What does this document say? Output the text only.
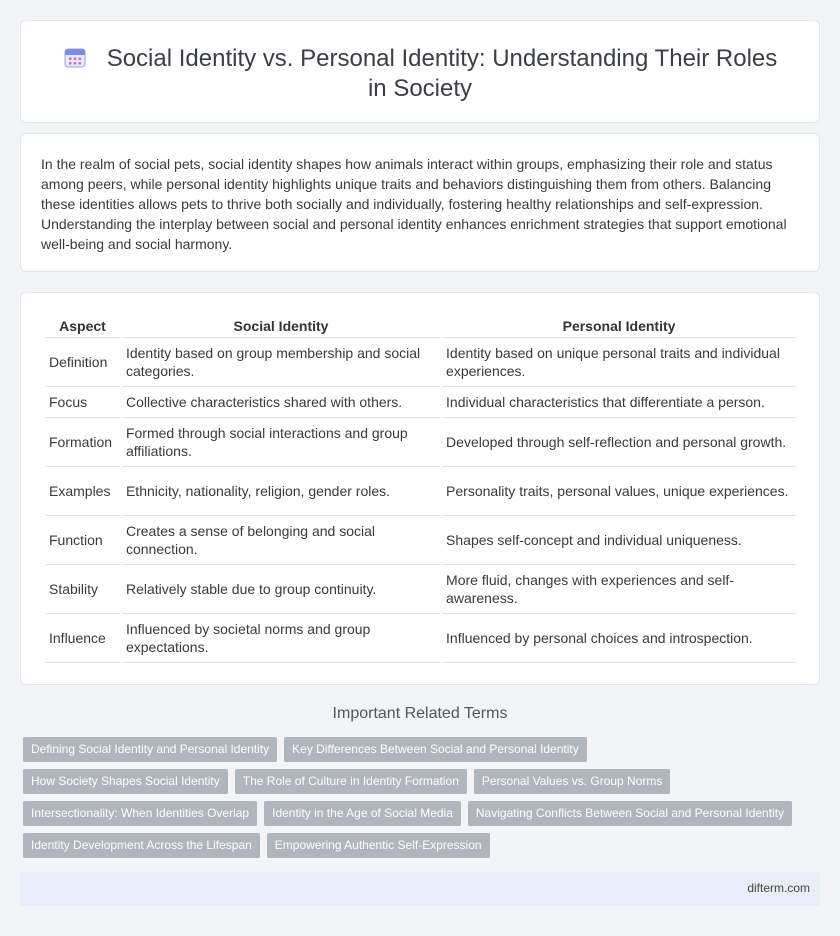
Social Identity vs. Personal Identity: Understanding Their Roles in Society

In the realm of social pets, social identity shapes how animals interact within groups, emphasizing their role and status among peers, while personal identity highlights unique traits and behaviors distinguishing them from others. Balancing these identities allows pets to thrive both socially and individually, fostering healthy relationships and self-expression. Understanding the interplay between social and personal identity enhances enrichment strategies that support emotional well-being and social harmony.

Aspect	Social Identity	Personal Identity
Definition	Identity based on group membership and social categories.	Identity based on unique personal traits and individual experiences.
Focus	Collective characteristics shared with others.	Individual characteristics that differentiate a person.
Formation	Formed through social interactions and group affiliations.	Developed through self-reflection and personal growth.
Examples	Ethnicity, nationality, religion, gender roles.	Personality traits, personal values, unique experiences.
Function	Creates a sense of belonging and social connection.	Shapes self-concept and individual uniqueness.
Stability	Relatively stable due to group continuity.	More fluid, changes with experiences and self-awareness.
Influence	Influenced by societal norms and group expectations.	Influenced by personal choices and introspection.
Important Related Terms
Defining Social Identity and Personal Identity	Key Differences Between Social and Personal Identity
How Society Shapes Social Identity	The Role of Culture in Identity Formation	Personal Values vs. Group Norms
Intersectionality: When Identities Overlap	Identity in the Age of Social Media	Navigating Conflicts Between Social and Personal Identity
Identity Development Across the Lifespan	Empowering Authentic Self-Expression
difterm.com
